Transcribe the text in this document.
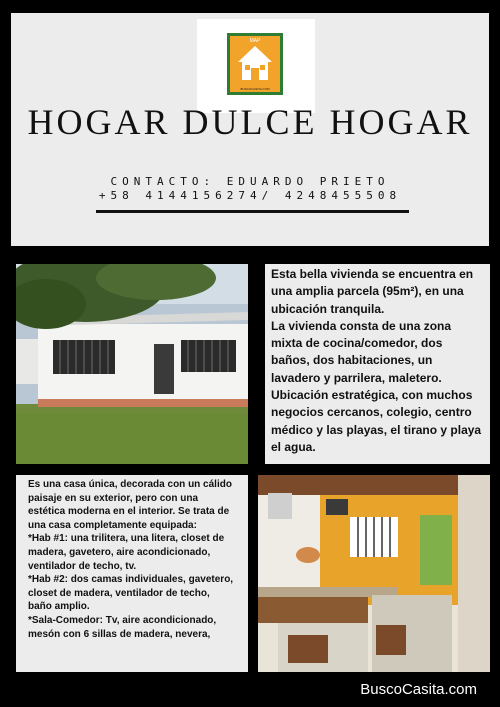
MAP
BUSCOCASITA.COM
HOGAR DULCE HOGAR
CONTACTO: EDUARDO PRIETO
+58 4144156274/ 4248455508

Esta bella vivienda se encuentra en una amplia parcela (95m²), en una ubicación tranquila.
La vivienda consta de una zona mixta de cocina/comedor, dos baños, dos habitaciones, un lavadero y parrilera, maletero.
Ubicación estratégica, con muchos negocios cercanos, colegio, centro médico y las playas, el tirano y playa el agua.

Es una casa única, decorada con un cálido paisaje en su exterior, pero con una estética moderna en el interior. Se trata de una casa completamente equipada:
*Hab #1: una trilitera, una litera, closet de madera, gavetero, aire acondicionado, ventilador de techo, tv.
*Hab #2: dos camas individuales, gavetero, closet de madera, ventilador de techo, baño amplio.
*Sala-Comedor: Tv, aire acondicionado, mesón con 6 sillas de madera, nevera,

BuscoCasita.com
